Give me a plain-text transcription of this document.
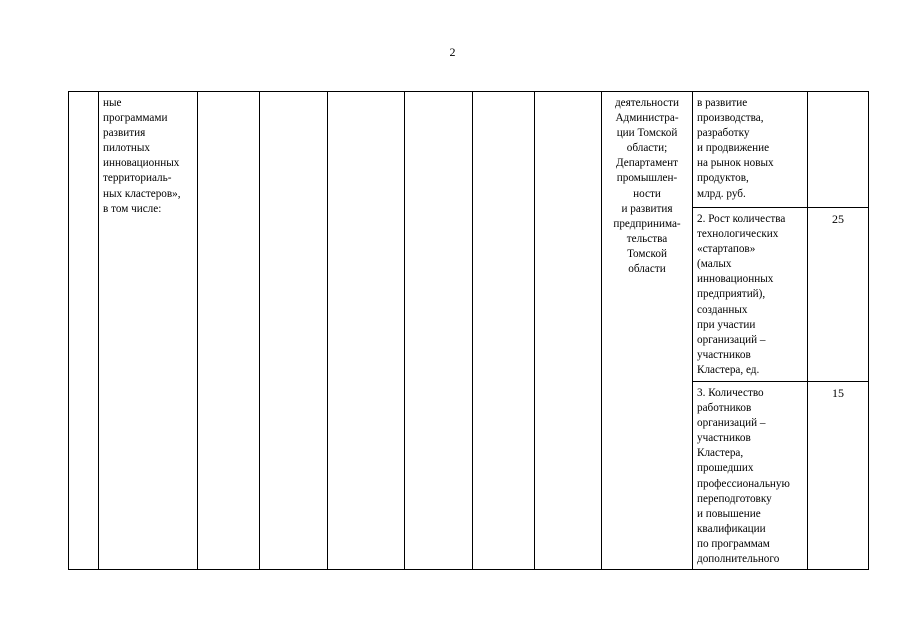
2
ные
программами
развития
пилотных
инновационных
территориаль-
ных кластеров»,
в том числе:
деятельности
Администра-
ции Томской
области;
Департамент
промышлен-
ности
и развития
предпринима-
тельства
Томской
области
в развитие
производства,
разработку
и продвижение
на рынок новых
продуктов,
млрд. руб.
2. Рост количества
технологических
«стартапов»
(малых
инновационных
предприятий),
созданных
при участии
организаций –
участников
Кластера, ед.
25
3. Количество
работников
организаций –
участников
Кластера,
прошедших
профессиональную
переподготовку
и повышение
квалификации
по программам
дополнительного
15
